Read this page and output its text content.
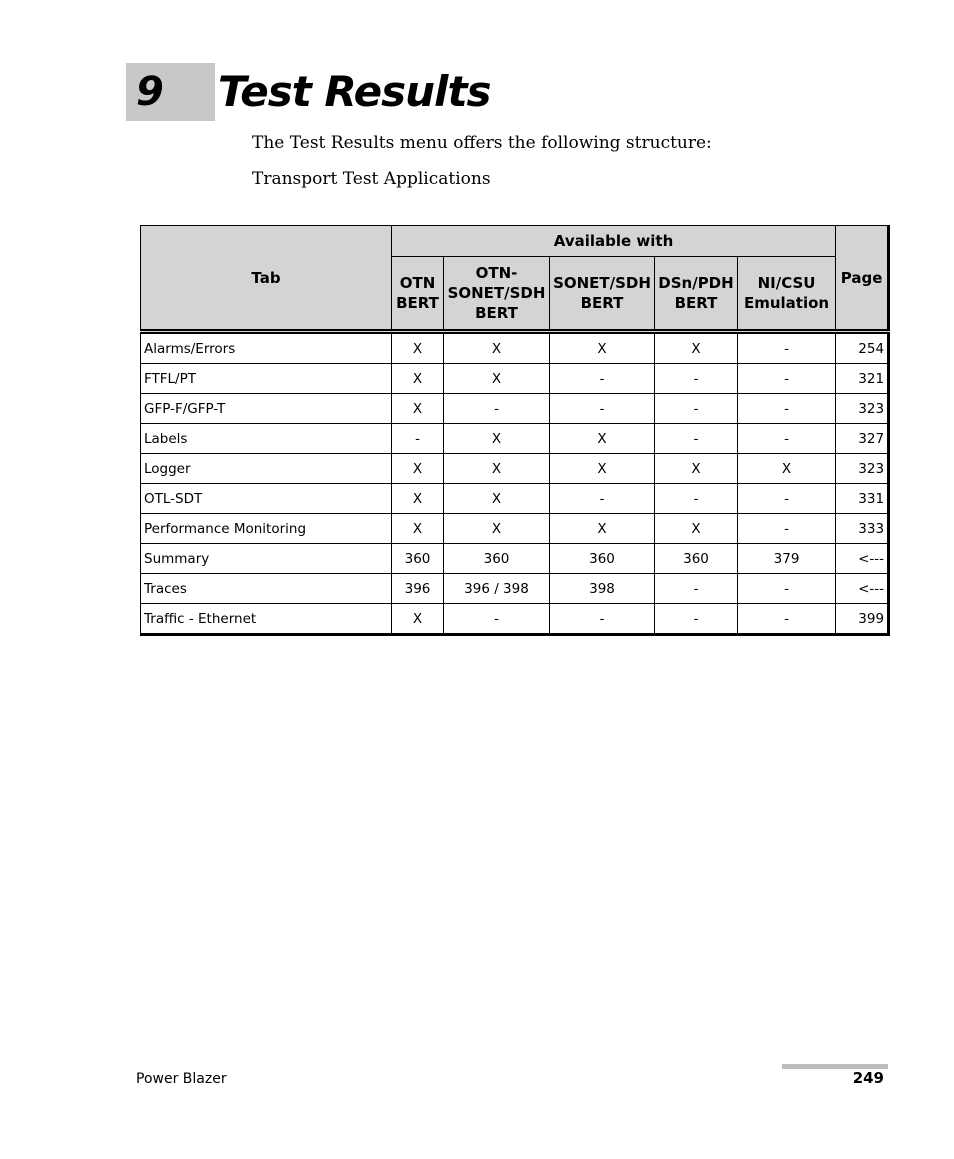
9 Test Results
The Test Results menu offers the following structure:
Transport Test Applications
Tab	Available with					Page
	OTN BERT	OTN-SONET/SDH BERT	SONET/SDH BERT	DSn/PDH BERT	NI/CSU Emulation	
Alarms/Errors	X	X	X	X	-	254
FTFL/PT	X	X	-	-	-	321
GFP-F/GFP-T	X	-	-	-	-	323
Labels	-	X	X	-	-	327
Logger	X	X	X	X	X	323
OTL-SDT	X	X	-	-	-	331
Performance Monitoring	X	X	X	X	-	333
Summary	360	360	360	360	379	<---
Traces	396	396 / 398	398	-	-	<---
Traffic - Ethernet	X	-	-	-	-	399
Power Blazer	249
